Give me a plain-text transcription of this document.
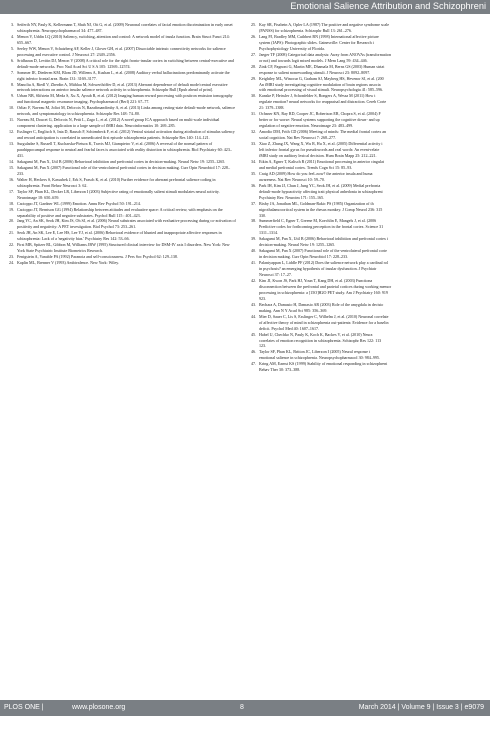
Emotional Salience Attribution and Schizophreni
3. Seiferth NY, Pauly K, Kellermann T, Shah NJ, Ott G, et al. (2009) Neuronal correlates of facial emotion discrimination in early onset schizophrenia. Neuropsychopharmacol 34: 477–487.
4. Menon V, Uddin LQ (2010) Saliency, switching, attention and control: A network model of insula function. Brain Struct Funct 214: 655–667.
5. Seeley WW, Menon V, Schatzberg AF, Keller J, Glover GH, et al. (2007) Dissociable intrinsic connectivity networks for salience processing and executive control. J Neurosci 27: 2349–2356.
6. Sridharan D, Levitin DJ, Menon V (2008) A critical role for the right fronto-insular cortex in switching between central-executive and default-mode networks. Proc Natl Acad Sci U S A 105: 12569–12574.
7. Sommer IE, Diederen KM, Blom JD, Willems A, Kushan L, et al. (2008) Auditory verbal hallucinations predominantly activate the right inferior frontal area. Brain 131: 3169–3177.
8. Manoliu A, Riedl V, Zherdin A, Mühlau M, Schwerthöffer D, et al. (2013) Aberrant dependence of default mode/central executive network interactions on anterior insular salience network activity in schizophrenia. Schizophr Bull [Epub ahead of print].
9. Urban NB, Slifstein M, Meda S, Xu X, Ayoub R, et al. (2012) Imaging human reward processing with positron emission tomography and functional magnetic resonance imaging. Psychopharmacol (Berl) 221: 67–77.
10. Orliac F, Naveau M, Joliot M, Delcroix N, Razafimandimby A, et al. (2013) Links among resting-state default-mode network, salience network, and symptomatology in schizophrenia. Schizophr Res 148: 74–80.
11. Naveau M, Doucet G, Delcroix N, Petit L, Zago L, et al. (2012) A novel group ICA approach based on multi-scale individual component clustering. application to a large sample of fMRI data. Neuroinformatics 10: 269–285.
12. Esslinger C, Englisch S, Inta D, Rausch F, Schirmbeck F, et al. (2012) Ventral striatal activation during attribution of stimulus saliency and reward anticipation is correlated in unmedicated first episode schizophrenia patients. Schizophr Res 140: 114–121.
13. Surguladze S, Russell T, Kucharska-Pietura K, Travis MJ, Giampietro V, et al. (2006) A reversal of the normal pattern of parahippocampal response to neutral and fearful faces is associated with reality distortion in schizophrenia. Biol Psychiatry 60: 423–431.
14. Sakagami M, Pan X, Uttl B (2006) Behavioral inhibition and prefrontal cortex in decision-making. Neural Netw 19: 1255–1265.
15. Sakagami M, Pan X (2007) Functional role of the ventrolateral prefrontal cortex in decision making. Curr Opin Neurobiol 17: 228–233.
16. Walter H, Heckers S, Kassubek J, Erk S, Frasch K, et al. (2010) Further evidence for aberrant prefrontal salience coding in schizophrenia. Front Behav Neurosci 3: 62.
17. Taylor SF, Phan KL, Decker LR, Liberzon I (2003) Subjective rating of emotionally salient stimuli modulates neural activity. Neuroimage 18: 650–659.
18. Cacioppo JT, Gardner WL (1999) Emotion. Annu Rev Psychol 50: 191–214.
19. Cacioppo JT, Berntson GG (1994) Relationship between attitudes and evaluative space: A critical review, with emphasis on the separability of positive and negative substrates. Psychol Bull 115 : 401–423.
20. Jang YC, An SK, Seok JH, Kim JS, Oh SJ, et al. (2006) Neural substrates associated with evaluative processing during co-activation of positivity and negativity: A PET investigation. Biol Psychol 73: 253–261.
21. Seok JH, An SK, Lee E, Lee HS, Lee YJ, et al. (2006) Behavioral evidence of blunted and inappropriate affective responses in schizophrenia: Lack of a 'negativity bias.' Psychiatry Res 142: 53–66.
22. First MB, Spitzer RL, Gibbon M, Williams JBW (1995) Structured clinical interview for DSM-IV axis I disorders. New York: New York State Psychiatric Institute Biometrics Research.
23. Fenigstein A, Vanable PA (1992) Paranoia and self-consciousness. J Pers Soc Psychol 62: 129–138.
24. Kaplin ML, Brenner V (1993) Ambivalence. New York: Wiley.
25. Kay SR, Fiszbein A, Opler LA (1987) The positive and negative syndrome scale
(PANSS) for schizophrenia. Schizophr Bull 13: 261–276.
26. Lang PJ, Bradley MM, Cuthbert BN (1998) International affective picture
system (IAPS): Photographic slides. Gainesville: Center for Research i
Psychophysiology University of Florida.
27. Jaeger TF (2008) Categorical data analysis: Away from ANOVAs (transformation
or not) and towards logit mixed models. J Mem Lang 59: 434–446.
28. Zink CF, Pagnoni G, Martin ME, Dhamala M, Berns GS (2003) Human striat
response to salient nonrewarding stimuli. J Neurosci 23: 8092–8097.
29. Keightley ML, Winocur G, Graham SJ, Mayberg HS, Hevenor SJ, et al. (200
An fMRI study investigating cognitive modulation of brain regions associa
with emotional processing of visual stimuli. Neuropsychologia 41: 585–596.
30. Kanske P, Heissler J, Schonfelder S, Bongers A, Wessa M (2011) How t
regulate emotion? neural networks for reappraisal and distraction. Cereb Corte
21: 1379–1388.
31. Ochsner KN, Ray RD, Cooper JC, Robertson ER, Chopra S, et al. (2004) F
better or for worse: Neural systems supporting the cognitive down- and up
regulation of negative emotion. Neuroimage 23: 483–499.
32. Amodio DM, Frith CD (2006) Meeting of minds: The medial frontal cortex an
social cognition. Nat Rev Neurosci 7: 268–277.
33. Xiao Z, Zhang JX, Wang X, Wu R, Hu X, et al. (2005) Differential activity i
left inferior frontal gyrus for pseudowords and real words: An event-relate
fMRI study on auditory lexical decision. Hum Brain Mapp 25: 212–221.
34. Etkin A, Egner T, Kalisch R (2011) Emotional processing in anterior cingulat
and medial prefrontal cortex. Trends Cogn Sci 15: 85–93.
35. Craig AD (2009) How do you feel–now? the anterior insula and huma
awareness. Nat Rev Neurosci 10: 59–70.
36. Park IH, Kim JJ, Chun J, Jung YC, Seok JH, et al. (2009) Medial prefronta
default-mode hypoactivity affecting trait physical anhedonia in schizophreni
Psychiatry Res: Neuroim 171: 155–165.
37. Bixby JA, Jonathan ML, Goldman-Rakic PS (1985) Organization of th
nigrothalamocortical system in the rhesus monkey. J Comp Neurol 236: 315
330.
38. Summerfield C, Egner T, Greene M, Koechlin E, Mangels J, et al. (2006
Predictive codes for forthcoming perception in the frontal cortex. Science 31
1311–1314.
39. Sakagami M, Pan X, Uttl B (2006) Behavioral inhibition and prefrontal cortex i
decision-making. Neural Netw 19: 1255–1265.
40. Sakagami M, Pan X (2007) Functional role of the ventrolateral prefrontal corte
in decision making. Curr Opin Neurobiol 17: 228–233.
41. Palaniyappan L, Liddle PF (2012) Does the salience network play a cardinal rol
in psychosis? an emerging hypothesis of insular dysfunction. J Psychiatr
Neurosci 37: 17–27.
42. Kim JJ, Kwon JS, Park HJ, Youn T, Kang DH, et al. (2003) Functiona
disconnection between the prefrontal and parietal cortices during working memor
processing in schizophrenia: a [15O]H2O PET study. Am J Psychiatry 160: 919
923.
43. Bechara A, Damasio H, Damasio AR (2003) Role of the amygdala in decisio
making. Ann N Y Acad Sci 985: 356–369.
44. Mier D, Sauer C, Lis S, Esslinger C, Wilhelm J, et al. (2010) Neuronal correlate
of affective theory of mind in schizophrenia out-patients: Evidence for a baselin
deficit. Psychol Med 40: 1607–1617.
45. Habel U, Chechko N, Pauly K, Koch K, Backes V, et al. (2010) Neura
correlates of emotion recognition in schizophrenia. Schizophr Res 122: 113
123.
46. Taylor SF, Phan KL, Britton JC, Liberzon I (2005) Neural response t
emotional salience in schizophrenia. Neuropsychopharmacol 30: 984–995.
47. Kring AM, Earnst KS (1999) Stability of emotional responding in schizophreni
Behav Ther 30: 373–388.
PLOS ONE |	www.plosone.org	8	March 2014 | Volume 9 | Issue 3 | e9079
